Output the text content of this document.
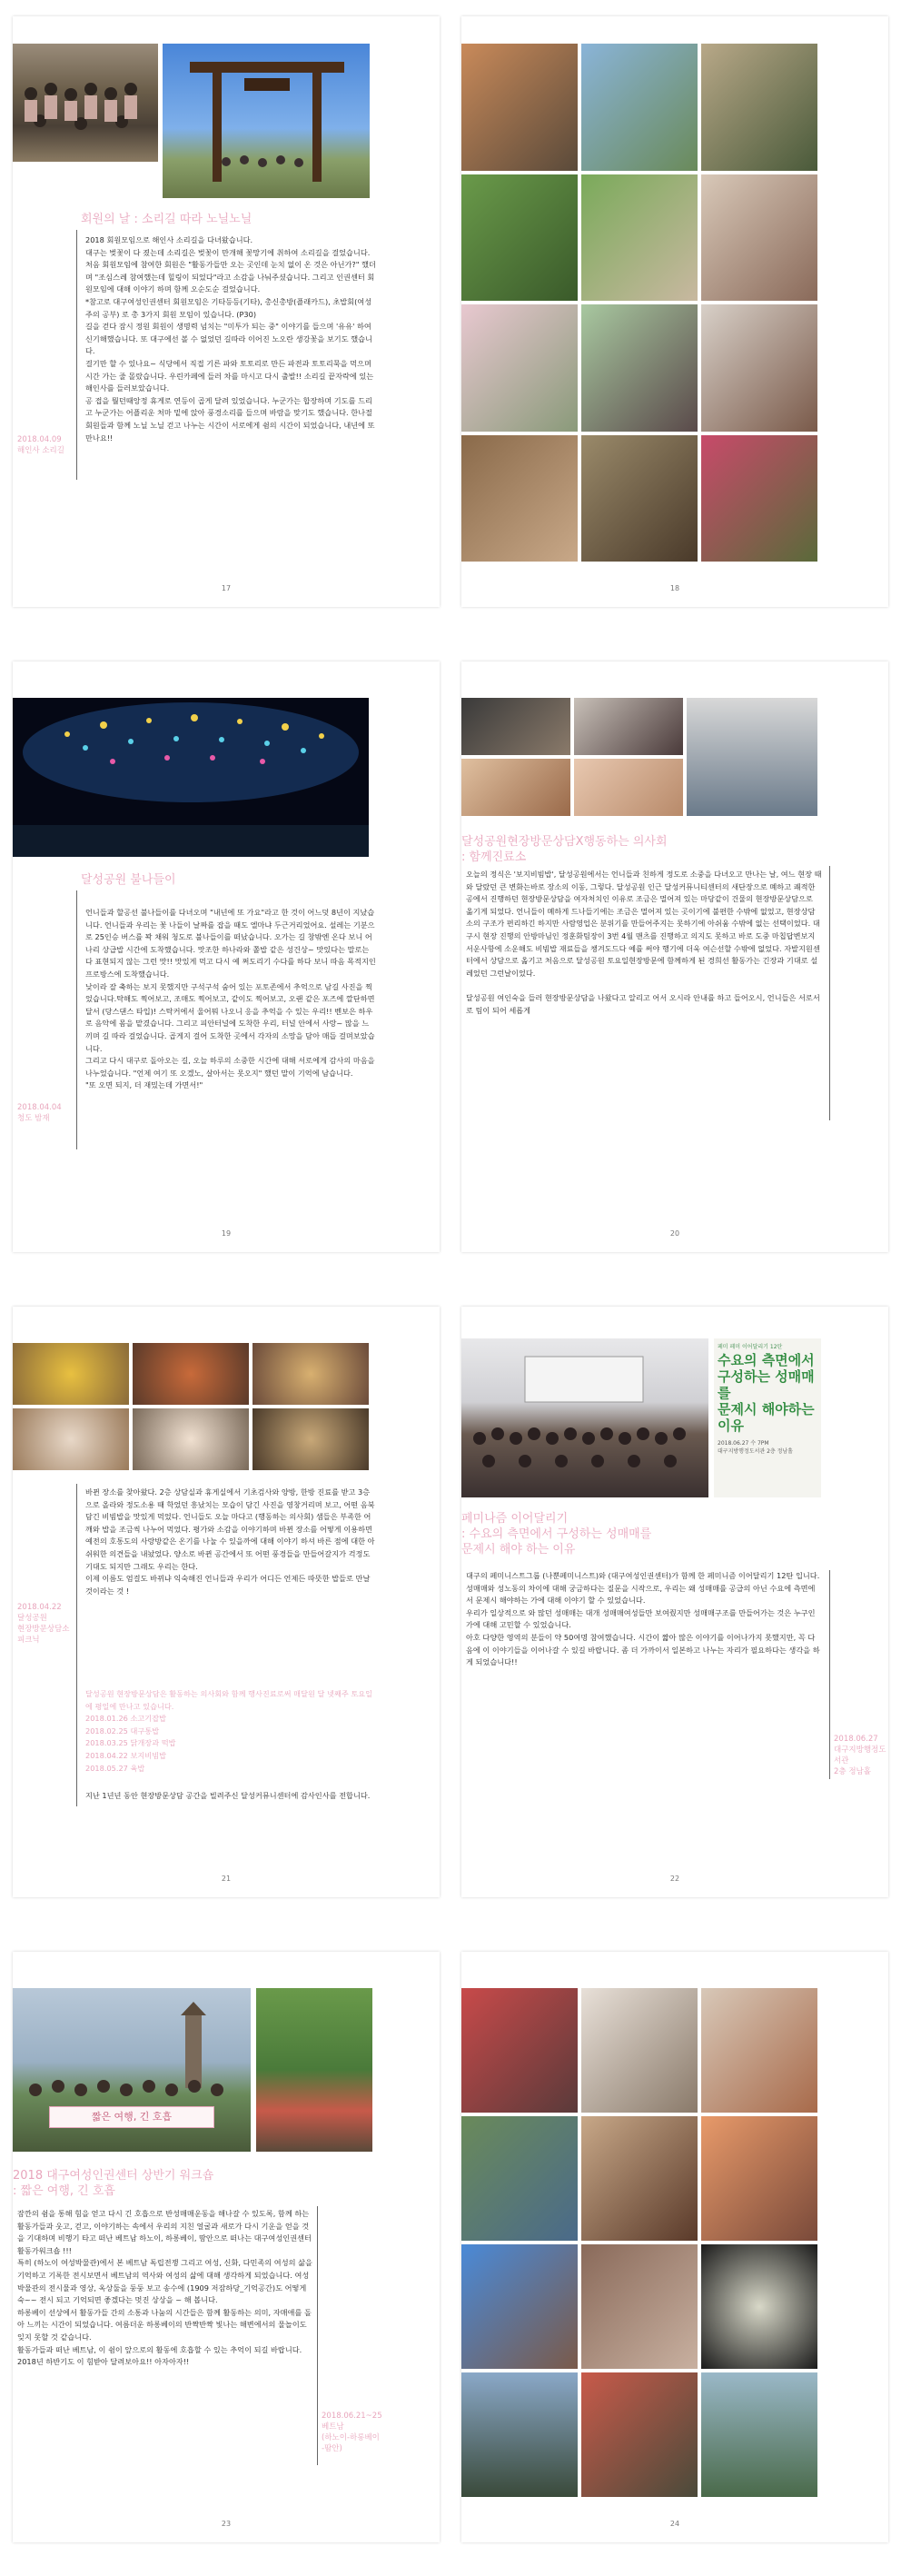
회원의 날 : 소리길 따라 노닐노닐
2018 회원모임으로 해인사 소리길을 다녀왔습니다.
대구는 벚꽃이 다 졌는데 소리길은 벚꽃이 만개해 꽃망기에 취하여 소리길을 걸었습니다.
처음 회원모임에 참여한 회원은 "활동가들만 오는 곳인데 눈치 없이 온 것은 아닌가?" 했더며 "조심스레 참여했는데 힐링이 되었다"라고 소감을 나눠주셨습니다. 그리고 인권센터 회원모임에 대해 이야기 하며 함께 오순도순 걸었습니다.
*참고로 대구여성인권센터 회원모임은 기타등등(기타), 총신총방(플래카드), 초밥회(여성주의 공부) 로 총 3가지 회원 모임이 있습니다. (P30)
길을 걷다 잠시 정원 회원이 생명력 넘치는 "미투가 되는 중" 이야기를 들으며 '유유' 하여 신기해했습니다. 또 대구에선 볼 수 없었던 길따라 이어진 노오란 생강꽃을 보기도 했습니다.
걸기만 할 수 있나요~ 식당에서 직접 기른 파와 토토리로 만든 파전과 토토리묵을 먹으며 시간 가는 줄 몰랐습니다. 우린카페에 들러 차를 마시고 다시 출발!! 소리길 끝자락에 있는 해인사를 들러보았습니다.
공 접을 뭘던때앙정 휴게로 연등이 곱게 달려 있었습니다. 누군가는 합장하며 기도를 드리고 누군가는 어플리운 처마 밑에 앉아 풍경소리를 들으며 바람을 맞기도 했습니다. 한나절 회원들과 함께 노닐 노닐 걷고 나누는 시간이 서로에게 쉼의 시간이 되었습니다, 내년에 또 만나요!!
2018.04.09
해인사 소리길
17	18
달성공원 불나들이
언니들과 할공선 불나들이를 다녀오며 "내년에 또 가요"라고 한 것이 어느덧 8년이 지났습니다. 언니들과 우리는 꽃 나들이 날짜를 잡을 때도 엘마냐 두근거리었어요. 설레는 기분으로 25인승 버스를 꽉 채워 청도로 불나들이를 떠났습니다. 오가는 길 창밖엔 온다 보니 어나리 상급밥 시간에 도착했습니다. 맛조한 하나라와 쫄밥 같은 성건상~ 맛있다는 말로는 다 표현되지 않는 그런 맛!! 맛있게 먹고 다시 예 쩌도리기 수다를 하다 보니 따음 목적지인 프로방스에 도착했습니다.
낮이라 잘 축하는 보지 못했지만 구석구석 숨어 있는 포토존에서 추억으로 남길 사진을 찍었습니다.탁해도 찍어보고, 조매도 찍어보고, 같이도 찍어보고, 오랜 같은 포즈에 깔단하면 달서 (당스댄스 타입)! 스탁커에서 울어뭐 나오니 응을 추억을 수 있는 우리!! 벤보은 하우로 음악에 몸을 맡겼습니다. 그리고 피안터널에 도착한 우리, 터널 안에서 사랑~ 많을 느끼며 길 따라 걸었습니다. 곱게지 걸어 도착한 곳에서 각자의 소망을 담아 매듭 걸며보았습니다.
그리고 다시 대구로 돌아오는 길, 오늘 하루의 소중한 시간에 대해 서로에게 감사의 마음을 나누었습니다. "언제 여기 또 오겠노, 살아서는 못오지" 했던 말이 기억에 남습니다.
"또 오면 되지, 더 재밌는데 가면서!"
2018.04.04
청도 밤재
19
달성공원현장방문상담X행동하는 의사회
: 함께진료소
오늘의 정식은 '보지비빔밥', 달성공원에서는 언니들과 친하게 정도로 소중을 다녀오고 만나는 날, 여느 현장 때와 달랐던 큰 변화는바로 장소의 이동, 그렇다. 달성공원 인근 달성커뮤니티센터의 새단장으로 몌하고 쾌적한 공에서 진행하던 현장방문상담을 여자처치인 이유로 조금은 멀어져 있는 마당같이 건물의 현장방문상담으로 옮기게 되었다. 언니들이 몌하게 드나들기에는 조금은 멀어져 있는 곳이기에 불편한 수밖에 없었고, 현장상담소의 구조가 편리하긴 하지만 사람영업은 분위기를 만들어주지는 못하기에 아쉬움 수밖에 없는 선택이었다. 대구시 현장 진행의 안방마님인 정훈화팀장이 3번 4월 맨츠를 진행하고 의지도 못하고 바로 도중 마칩답변보지 서운사항에 소운해도 비빔밥 재료들을 챙겨도드다 예를 써야 행기에 더욱 여슨선할 수밖에 없었다. 자발지원센터에서 상담으로 옮기고 처음으로 달성공원 토요일현장방문에 함께하게 된 경희선 활동가는 긴장과 기대로 설레었던 그런날이었다.

달성공원 여인숙을 들러 현장방문상담을 나왔다고 알리고 어서 오시라 안내를 하고 들어오시, 언니들은 서로서로 팀이 되어 세롭게
20
바뀐 장소를 찾아왔다. 2층 상담실과 휴게실에서 기초검사와 양방, 한방 진료를 받고 3층으로 올라와 정도소용 때 학었던 흥났치는 모습이 담긴 사진을 영창거리며 보고, 어떤 음북 담긴 비빔밥을 맛있게 먹었다. 언니들도 오늘 마다고 (행동하는 의사회) 샘들은 부족한 어깨와 밥을 조금씩 나누어 먹었다. 평가와 소감을 이야기하며 바뀐 장소를 어떻게 이용하면 예전의 호통도의 사랑방같은 온기를 나눌 수 있을까에 대해 이야기 하셔 바른 점에 대한 아쉬워한 의견들을 내놨었다. 양소로 바뀐 공간에서 또 어떤 풍경들을 만들어갈지가 걱정도 기대도 되지만 그래도 우리는 한다.
이제 이름도 엄걸도 바뀌냐 익숙해진 언니들과 우리가 어디든 언제든 따뜻한 밥들로 만날 것이라는 것 !
달성공원 현장방문상담은 활동하는 의사회와 함께 행사진료로써 매달원 달 넷째주 토요일에 평일에 만나고 있습니다.
2018.01.26 소고기잡밥
2018.02.25 대구통밥
2018.03.25 닭개장과 떡밥
2018.04.22 보지비빔밥
2018.05.27 육밥
지난 1년년 동안 현장방문상담 공간을 빌려주신 달성커뮤니센터에 감사인사를 전합니다.
2018.04.22
달성공원
현장방문상담소
피크닉
21
페미 페미 이어달리기 12탄
수요의 측면에서
구성하는 성매매를
문제시 해야하는
이유
2018.06.27 수 7PM
대구지방행정도서관 2층 정남홀
페미나즘 이어달리기
: 수요의 측면에서 구성하는 성매매를
문제시 해야 하는 이유
대구의 페미니스트그룹 (나뿐페미니스트)와 (대구여성인권센터)가 함께 한 페미니즘 이어달리기 12탄 입니다.
성매매와 성노동의 차이에 대해 궁금하다는 질문을 시작으로, 우리는 왜 성매매를 공급의 아닌 수요에 측면에서 문제시 해야하는 가에 대해 이야기 할 수 있었습니다.
우리가 일상적으로 와 많던 성매매는 대개 성매매여성들만 보여줬지만 성매매구조를 만들어가는 것은 누구인가에 대해 고민할 수 있었습니다.
아호 다양한 영역의 분들이 약 50여명 참여했습니다. 시간이 짧아 많은 이야기를 이어나가지 못했지만, 꼭 다음에 이 이야기들을 이어나갈 수 있길 바랍니다. 좀 더 가까이서 일본하고 나누는 자리가 필요하다는 생각을 하게 되었습니다!!
2018.06.27
대구지방행정도서관
2층 정남홀
22
짧은 여행, 긴 호흡
2018 대구여성인권센터 상반기 워크숍
: 짧은 여행, 긴 호흡
잠깐의 쉼을 통해 힘을 얻고 다시 긴 호흡으로 반성매매운동을 해나갈 수 있도록, 함께 하는 활동가들과 웃고, 걷고, 이야기하는 속에서 우리의 지친 얼굴과 새로가 다시 기운을 얻을 것을 기대하며 비행기 타고 떠난 베트남 하노이, 하롱베이, 땀안으로 떠나는 대구여성인권센터 활동가워크숍 !!!
특히 (하노이 여성박물관)에서 본 베트남 독립전쟁 그리고 여성, 신화, 다민족의 여성의 삶을 기억하고 기록한 전시보면서 베트남의 역사와 여성의 삶에 대해 생각하게 되었습니다. 여성박물관의 전시물과 영상, 옥상둘을 둥둥 보고 송수에 (1909 저잠하당_기억공간)도 어떻게 숙~~ 전시 되고 기억되면 좋겠다는 멋진 상상을 ~ 해 봅니다.
하롱베이 선상에서 활동가들 간의 소통과 나눔의 시간들은 함께 활동하는 의미, 자매애를 돌아 느끼는 시간이 되었습니다. 여름더운 하롱베이의 반짝반짝 빛나는 해변에서의 물놀이도 잊지 못할 것 같습니다.
활동가들과 떠난 베트남, 이 쉼이 앞으로의 활동에 호흡할 수 있는 추억이 되길 바랍니다.
2018년 하반기도 이 힘받아 달려보아요!! 아자아자!!
2018.06.21~25
베트남
(하노이-하롱베이
-땀안)
23	24
